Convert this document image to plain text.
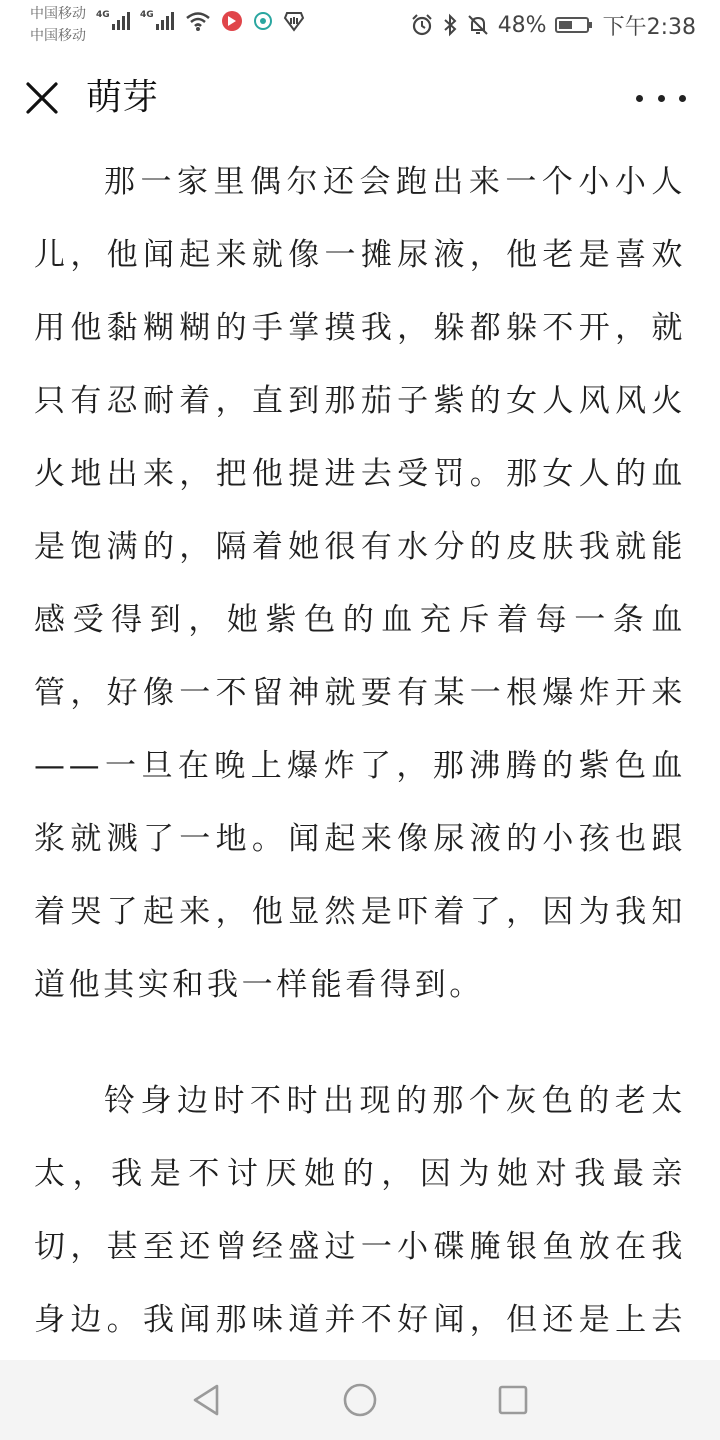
中国移动
中国移动
4G	4G	48%	下午2:38
萌芽

那一家里偶尔还会跑出来一个小小人儿，他闻起来就像一摊尿液，他老是喜欢用他黏糊糊的手掌摸我，躲都躲不开，就只有忍耐着，直到那茄子紫的女人风风火火地出来，把他提进去受罚。那女人的血是饱满的，隔着她很有水分的皮肤我就能感受得到，她紫色的血充斥着每一条血管，好像一不留神就要有某一根爆炸开来——一旦在晚上爆炸了，那沸腾的紫色血浆就溅了一地。闻起来像尿液的小孩也跟着哭了起来，他显然是吓着了，因为我知道他其实和我一样能看得到。

铃身边时不时出现的那个灰色的老太太，我是不讨厌她的，因为她对我最亲切，甚至还曾经盛过一小碟腌银鱼放在我身边。我闻那味道并不好闻，但还是上去
